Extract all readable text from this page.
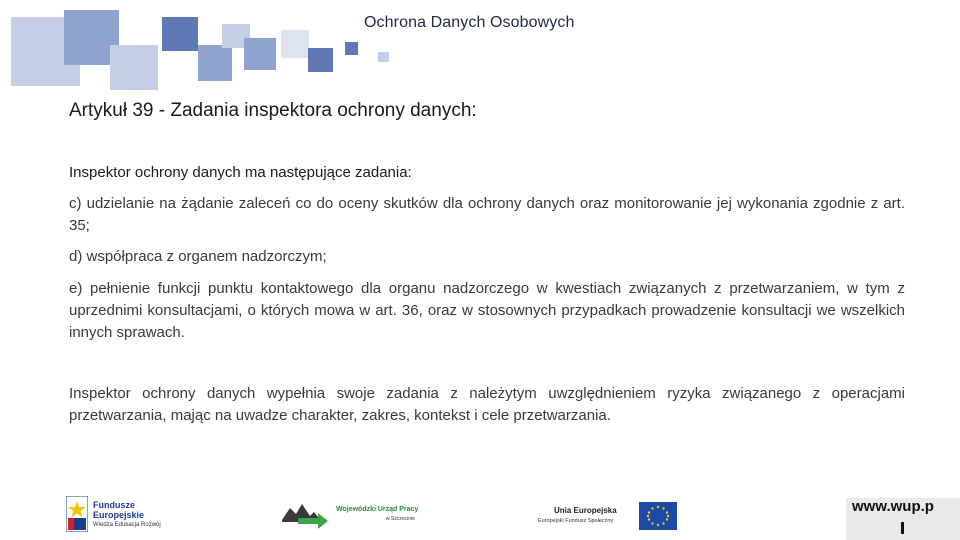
Ochrona Danych Osobowych
Artykuł 39 - Zadania inspektora ochrony danych:
Inspektor ochrony danych ma następujące zadania:

c) udzielanie na żądanie zaleceń co do oceny skutków dla ochrony danych oraz monitorowanie jej wykonania zgodnie z art. 35;

d) współpraca z organem nadzorczym;

e) pełnienie funkcji punktu kontaktowego dla organu nadzorczego w kwestiach związanych z przetwarzaniem, w tym z uprzednimi konsultacjami, o których mowa w art. 36, oraz w stosownych przypadkach prowadzenie konsultacji we wszelkich innych sprawach.

Inspektor ochrony danych wypełnia swoje zadania z należytym uwzględnieniem ryzyka związanego z operacjami przetwarzania, mając na uwadze charakter, zakres, kontekst i cele przetwarzania.

Fundusze
Europejskie
Wiedza Edukacja Rozwój
Wojewódzki Urząd Pracy
w Szczecinie
Unia Europejska
Europejski Fundusz Społeczny
www.wup.p
